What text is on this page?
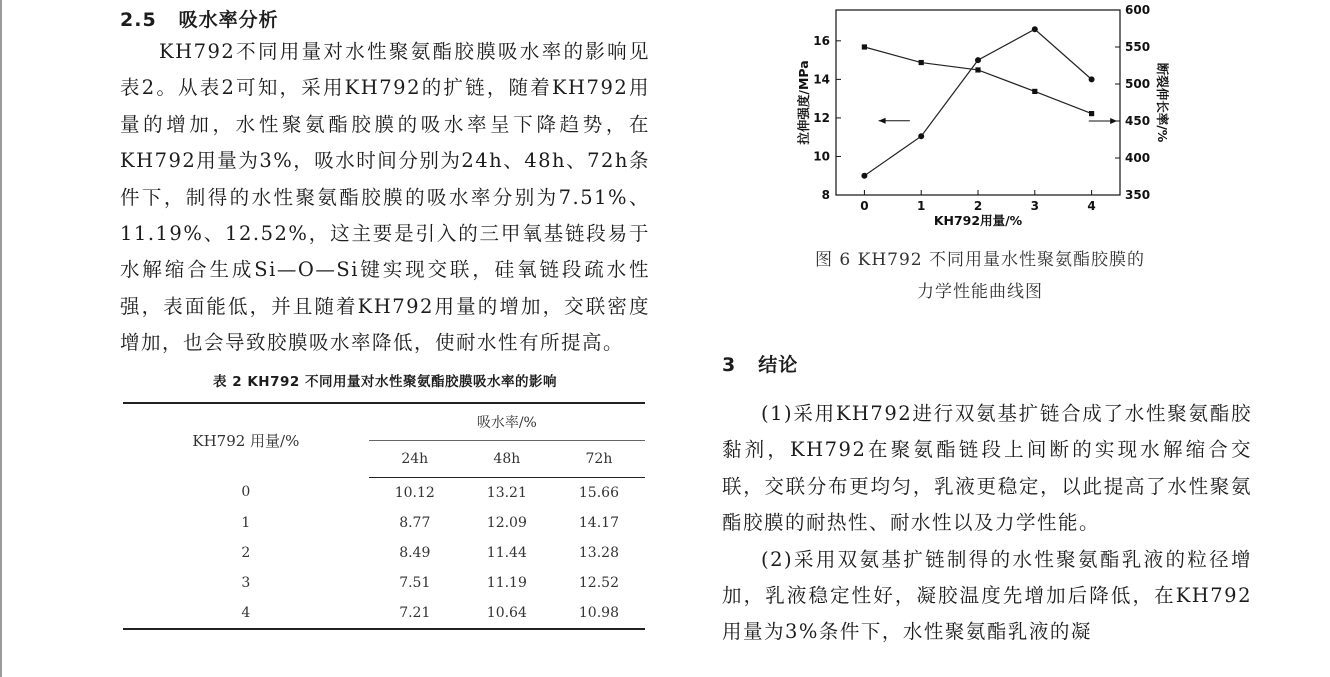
2.5 吸水率分析

KH792不同用量对水性聚氨酯胶膜吸水率的影响见表2。从表2可知，采用KH792的扩链，随着KH792用量的增加，水性聚氨酯胶膜的吸水率呈下降趋势，在KH792用量为3%，吸水时间分别为24h、48h、72h条件下，制得的水性聚氨酯胶膜的吸水率分别为7.51%、11.19%、12.52%，这主要是引入的三甲氧基链段易于水解缩合生成Si—O—Si键实现交联，硅氧链段疏水性强，表面能低，并且随着KH792用量的增加，交联密度增加，也会导致胶膜吸水率降低，使耐水性有所提高。

表 2 KH792 不同用量对水性聚氨酯胶膜吸水率的影响
KH792 用量/%	吸水率/%		
	24h	48h	72h
0	10.12	13.21	15.66
1	8.77	12.09	14.17
2	8.49	11.44	13.28
3	7.51	11.19	12.52
4	7.21	10.64	10.98
0	1	2	3	4
8
10
12
14
16
350
400
450
500
550
600
KH792用量/%
拉伸强度/MPa	断裂伸长率/%
图 6 KH792 不同用量水性聚氨酯胶膜的
力学性能曲线图
3 结论

(1)采用KH792进行双氨基扩链合成了水性聚氨酯胶黏剂，KH792在聚氨酯链段上间断的实现水解缩合交联，交联分布更均匀，乳液更稳定，以此提高了水性聚氨酯胶膜的耐热性、耐水性以及力学性能。

(2)采用双氨基扩链制得的水性聚氨酯乳液的粒径增加，乳液稳定性好，凝胶温度先增加后降低，在KH792用量为3%条件下，水性聚氨酯乳液的凝
